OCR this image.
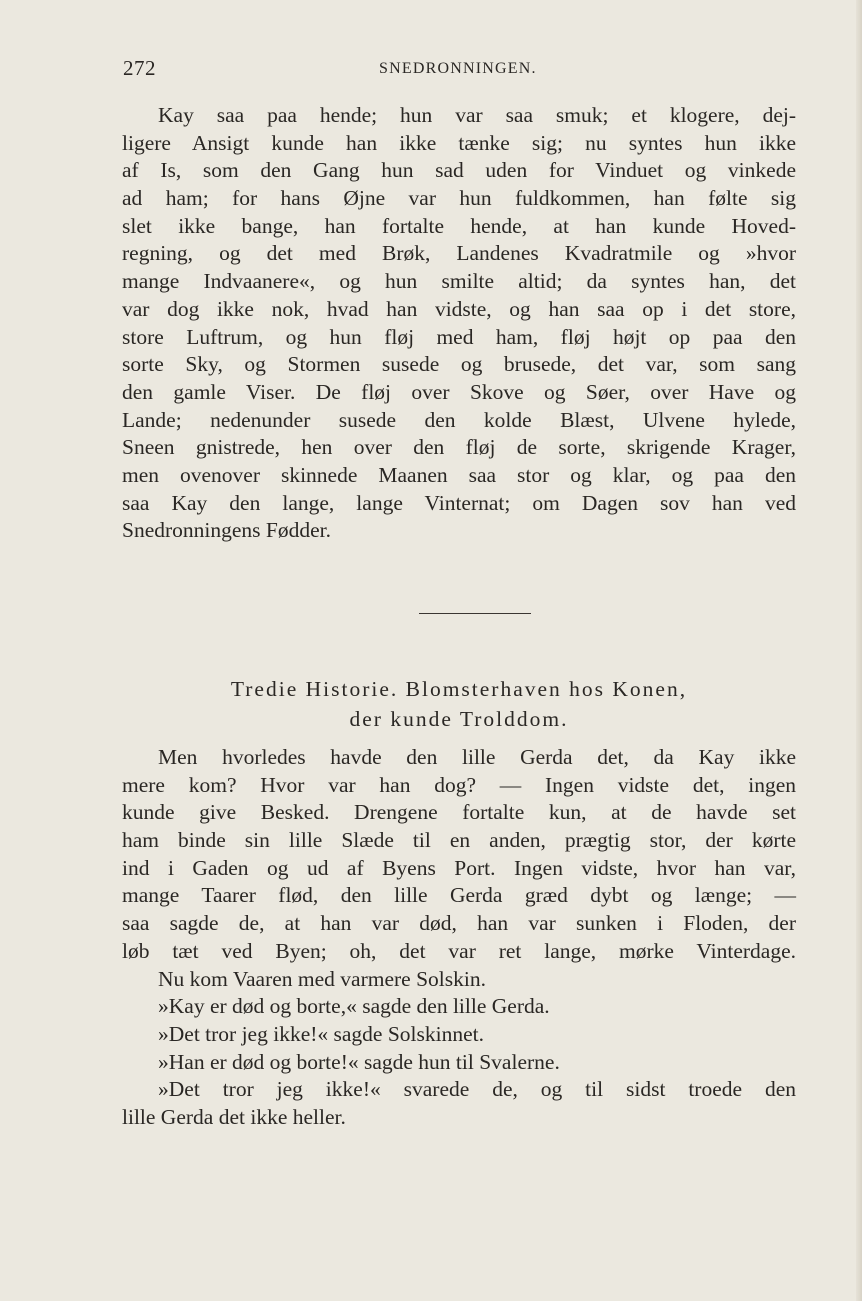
272	SNEDRONNINGEN.
Kay saa paa hende; hun var saa smuk; et klogere, dej-
ligere Ansigt kunde han ikke tænke sig; nu syntes hun ikke
af Is, som den Gang hun sad uden for Vinduet og vinkede
ad ham; for hans Øjne var hun fuldkommen, han følte sig
slet ikke bange, han fortalte hende, at han kunde Hoved-
regning, og det med Brøk, Landenes Kvadratmile og »hvor
mange Indvaanere«, og hun smilte altid; da syntes han, det
var dog ikke nok, hvad han vidste, og han saa op i det store,
store Luftrum, og hun fløj med ham, fløj højt op paa den
sorte Sky, og Stormen susede og brusede, det var, som sang
den gamle Viser. De fløj over Skove og Søer, over Have og
Lande; nedenunder susede den kolde Blæst, Ulvene hylede,
Sneen gnistrede, hen over den fløj de sorte, skrigende Krager,
men ovenover skinnede Maanen saa stor og klar, og paa den
saa Kay den lange, lange Vinternat; om Dagen sov han ved
Snedronningens Fødder.
Tredie Historie. Blomsterhaven hos Konen,
der kunde Trolddom.
Men hvorledes havde den lille Gerda det, da Kay ikke
mere kom? Hvor var han dog? — Ingen vidste det, ingen
kunde give Besked. Drengene fortalte kun, at de havde set
ham binde sin lille Slæde til en anden, prægtig stor, der kørte
ind i Gaden og ud af Byens Port. Ingen vidste, hvor han var,
mange Taarer flød, den lille Gerda græd dybt og længe; —
saa sagde de, at han var død, han var sunken i Floden, der
løb tæt ved Byen; oh, det var ret lange, mørke Vinterdage.
Nu kom Vaaren med varmere Solskin.
»Kay er død og borte,« sagde den lille Gerda.
»Det tror jeg ikke!« sagde Solskinnet.
»Han er død og borte!« sagde hun til Svalerne.
»Det tror jeg ikke!« svarede de, og til sidst troede den
lille Gerda det ikke heller.
